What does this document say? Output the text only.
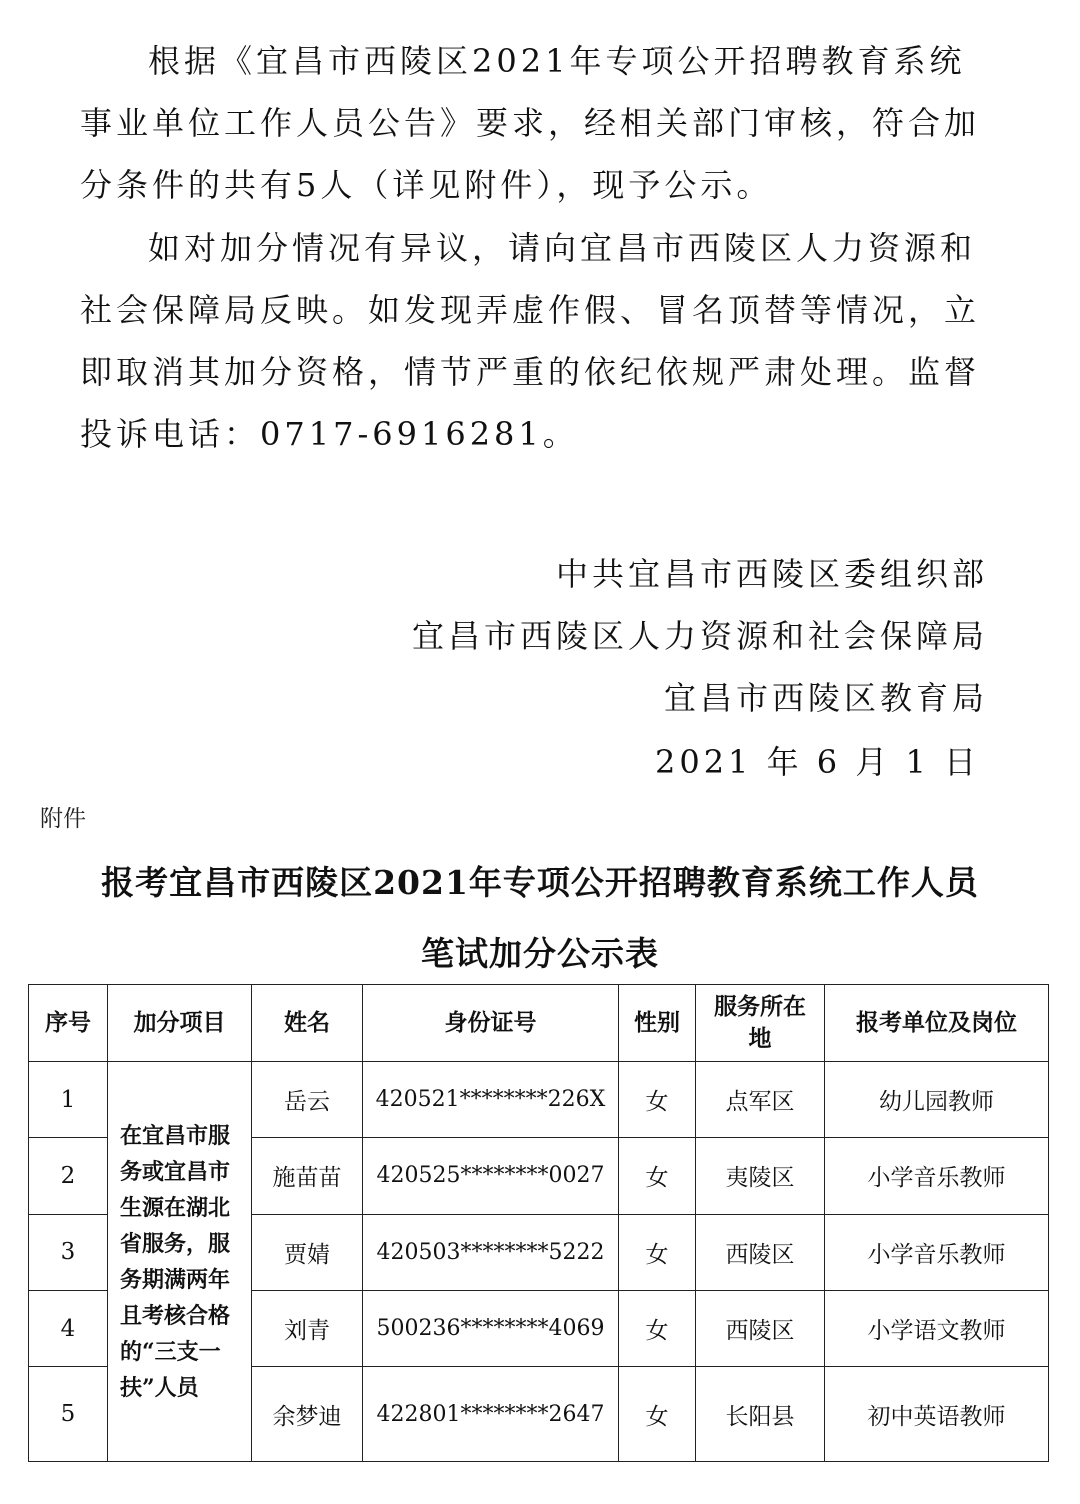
根据《宜昌市西陵区2021年专项公开招聘教育系统事业单位工作人员公告》要求，经相关部门审核，符合加分条件的共有5人（详见附件），现予公示。

如对加分情况有异议，请向宜昌市西陵区人力资源和社会保障局反映。如发现弄虚作假、冒名顶替等情况，立即取消其加分资格，情节严重的依纪依规严肃处理。监督投诉电话：0717-6916281。

中共宜昌市西陵区委组织部
宜昌市西陵区人力资源和社会保障局
宜昌市西陵区教育局
2021 年 6 月 1 日
附件
报考宜昌市西陵区2021年专项公开招聘教育系统工作人员
笔试加分公示表
序号	加分项目	姓名	身份证号	性别	服务所在地	报考单位及岗位
1	在宜昌市服务或宜昌市生源在湖北省服务，服务期满两年且考核合格的“三支一扶”人员	岳云	420521********226X	女	点军区	幼儿园教师
2		施苗苗	420525********0027	女	夷陵区	小学音乐教师
3		贾婧	420503********5222	女	西陵区	小学音乐教师
4		刘青	500236********4069	女	西陵区	小学语文教师
5		余梦迪	422801********2647	女	长阳县	初中英语教师
